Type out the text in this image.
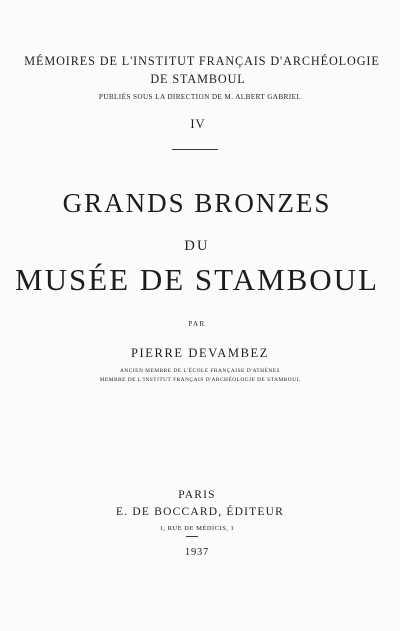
MÉMOIRES DE L'INSTITUT FRANÇAIS D'ARCHÉOLOGIE
DE STAMBOUL
PUBLIÉS SOUS LA DIRECTION DE M. ALBERT GABRIEL
IV
GRANDS BRONZES
DU
MUSÉE DE STAMBOUL
PAR
PIERRE DEVAMBEZ
ANCIEN MEMBRE DE L'ÉCOLE FRANÇAISE D'ATHÈNES
MEMBRE DE L'INSTITUT FRANÇAIS D'ARCHÉOLOGIE DE STAMBOUL
PARIS
E. DE BOCCARD, ÉDITEUR
1, RUE DE MÉDICIS, 1
1937
